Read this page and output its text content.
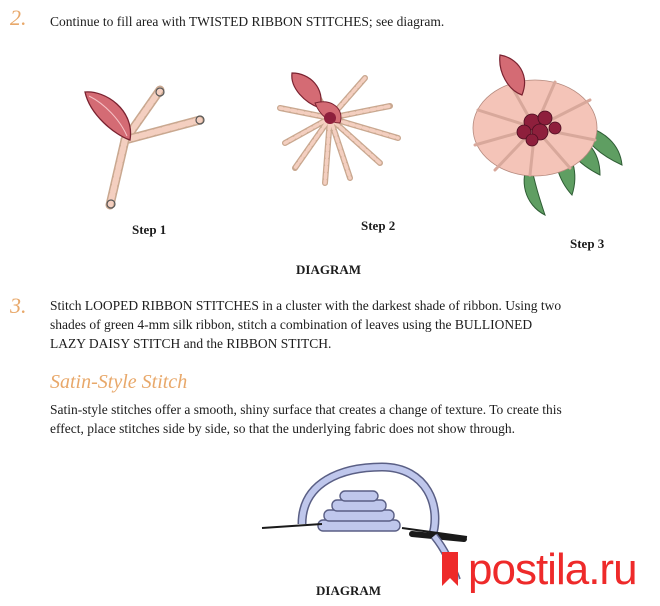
2. Continue to fill area with TWISTED RIBBON STITCHES; see diagram.
Step 1	Step 2
Step 3
DIAGRAM
3. Stitch LOOPED RIBBON STITCHES in a cluster with the darkest shade of ribbon. Using two
shades of green 4-mm silk ribbon, stitch a combination of leaves using the BULLIONED
LAZY DAISY STITCH and the RIBBON STITCH.
Satin-Style Stitch
Satin-style stitches offer a smooth, shiny surface that creates a change of texture. To create this
effect, place stitches side by side, so that the underlying fabric does not show through.
DIAGRAM postila.ru
